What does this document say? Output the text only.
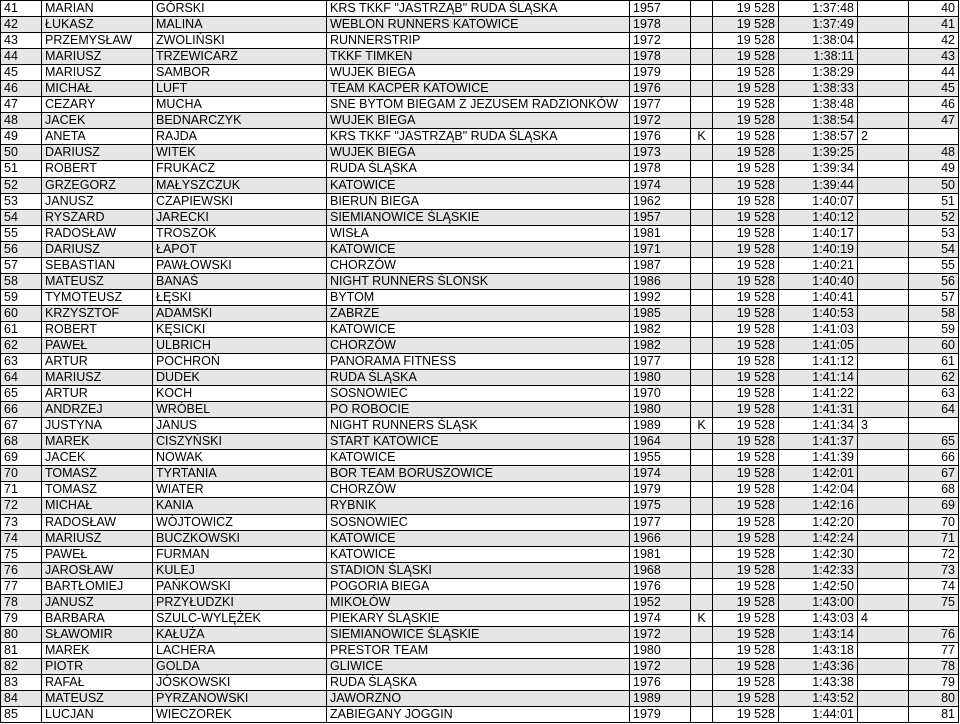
41	MARIAN	GÓRSKI	KRS TKKF "JASTRZĄB" RUDA ŚLĄSKA	1957		19 528	1:37:48		40
42	ŁUKASZ	MALINA	WEBLON RUNNERS KATOWICE	1978		19 528	1:37:49		41
43	PRZEMYSŁAW	ZWOLIŃSKI	RUNNERSTRIP	1972		19 528	1:38:04		42
44	MARIUSZ	TRZEWICARZ	TKKF TIMKEN	1978		19 528	1:38:11		43
45	MARIUSZ	SAMBOR	WUJEK BIEGA	1979		19 528	1:38:29		44
46	MICHAŁ	LUFT	TEAM KACPER KATOWICE	1976		19 528	1:38:33		45
47	CEZARY	MUCHA	SNE BYTOM BIEGAM Z JEZUSEM RADZIONKÓW	1977		19 528	1:38:48		46
48	JACEK	BEDNARCZYK	WUJEK BIEGA	1972		19 528	1:38:54		47
49	ANETA	RAJDA	KRS TKKF "JASTRZĄB" RUDA ŚLĄSKA	1976	K	19 528	1:38:57	2	
50	DARIUSZ	WITEK	WUJEK BIEGA	1973		19 528	1:39:25		48
51	ROBERT	FRUKACZ	RUDA ŚLĄSKA	1978		19 528	1:39:34		49
52	GRZEGORZ	MAŁYSZCZUK	KATOWICE	1974		19 528	1:39:44		50
53	JANUSZ	CZAPIEWSKI	BIERUŃ BIEGA	1962		19 528	1:40:07		51
54	RYSZARD	JARECKI	SIEMIANOWICE ŚLĄSKIE	1957		19 528	1:40:12		52
55	RADOSŁAW	TROSZOK	WISŁA	1981		19 528	1:40:17		53
56	DARIUSZ	ŁAPOT	KATOWICE	1971		19 528	1:40:19		54
57	SEBASTIAN	PAWŁOWSKI	CHORZÓW	1987		19 528	1:40:21		55
58	MATEUSZ	BANAŚ	NIGHT RUNNERS ŚLONSK	1986		19 528	1:40:40		56
59	TYMOTEUSZ	ŁĘSKI	BYTOM	1992		19 528	1:40:41		57
60	KRZYSZTOF	ADAMSKI	ZABRZE	1985		19 528	1:40:53		58
61	ROBERT	KĘSICKI	KATOWICE	1982		19 528	1:41:03		59
62	PAWEŁ	ULBRICH	CHORZÓW	1982		19 528	1:41:05		60
63	ARTUR	POCHROŃ	PANORAMA FITNESS	1977		19 528	1:41:12		61
64	MARIUSZ	DUDEK	RUDA ŚLĄSKA	1980		19 528	1:41:14		62
65	ARTUR	KOCH	SOSNOWIEC	1970		19 528	1:41:22		63
66	ANDRZEJ	WRÓBEL	PO ROBOCIE	1980		19 528	1:41:31		64
67	JUSTYNA	JANUS	NIGHT RUNNERS ŚLĄSK	1989	K	19 528	1:41:34	3	
68	MAREK	CISZYŃSKI	START KATOWICE	1964		19 528	1:41:37		65
69	JACEK	NOWAK	KATOWICE	1955		19 528	1:41:39		66
70	TOMASZ	TYRTANIA	BOR TEAM BORUSZOWICE	1974		19 528	1:42:01		67
71	TOMASZ	WIATER	CHORZÓW	1979		19 528	1:42:04		68
72	MICHAŁ	KANIA	RYBNIK	1975		19 528	1:42:16		69
73	RADOSŁAW	WÓJTOWICZ	SOSNOWIEC	1977		19 528	1:42:20		70
74	MARIUSZ	BUCZKOWSKI	KATOWICE	1966		19 528	1:42:24		71
75	PAWEŁ	FURMAN	KATOWICE	1981		19 528	1:42:30		72
76	JAROSŁAW	KULEJ	STADION ŚLĄSKI	1968		19 528	1:42:33		73
77	BARTŁOMIEJ	PAŃKOWSKI	POGORIA BIEGA	1976		19 528	1:42:50		74
78	JANUSZ	PRZYŁUDZKI	MIKOŁÓW	1952		19 528	1:43:00		75
79	BARBARA	SZULC-WYLĘŻEK	PIEKARY ŚLĄSKIE	1974	K	19 528	1:43:03	4	
80	SŁAWOMIR	KAŁUŻA	SIEMIANOWICE ŚLĄSKIE	1972		19 528	1:43:14		76
81	MAREK	LACHERA	PRESTOR TEAM	1980		19 528	1:43:18		77
82	PIOTR	GOLDA	GLIWICE	1972		19 528	1:43:36		78
83	RAFAŁ	JÓSKOWSKI	RUDA ŚLĄSKA	1976		19 528	1:43:38		79
84	MATEUSZ	PYRZANOWSKI	JAWORZNO	1989		19 528	1:43:52		80
85	LUCJAN	WIECZOREK	ZABIEGANY JOGGIN	1979		19 528	1:44:01		81
